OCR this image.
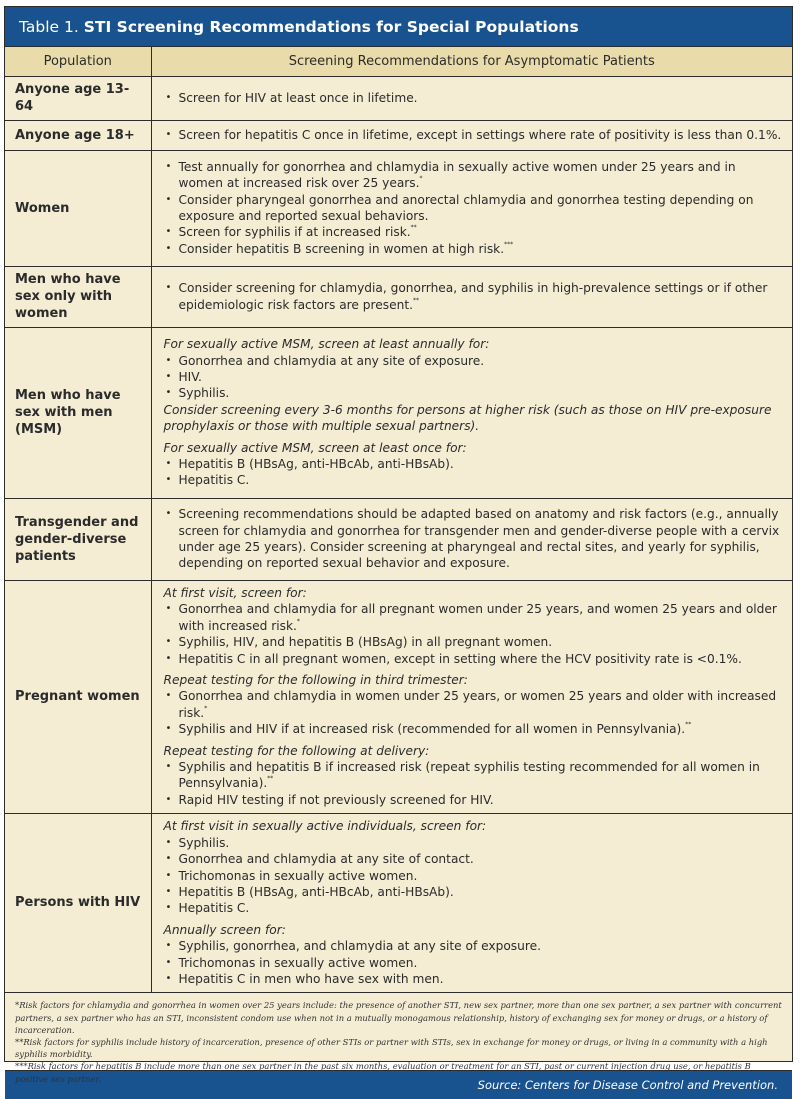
Table 1. STI Screening Recommendations for Special Populations
Population	Screening Recommendations for Asymptomatic Patients
Anyone age 13-64	
• Screen for HIV at least once in lifetime.

Anyone age 18+	
•Screen for hepatitis C once in lifetime, except in settings where rate of positivity is less than 0.1%.

Women	
• Test annually for gonorrhea and chlamydia in sexually active women under 25 years and in women at increased risk over 25 years.*
• Consider pharyngeal gonorrhea and anorectal chlamydia and gonorrhea testing depending on exposure and reported sexual behaviors.
• Screen for syphilis if at increased risk.**
• Consider hepatitis B screening in women at high risk.***

Men who have sex only with women	
• Consider screening for chlamydia, gonorrhea, and syphilis in high-prevalence settings or if other epidemiologic risk factors are present.**

Men who have sex with men (MSM)	
For sexually active MSM, screen at least annually for:
• Gonorrhea and chlamydia at any site of exposure.
• HIV.
• Syphilis.
Consider screening every 3-6 months for persons at higher risk (such as those on HIV pre-exposure prophylaxis or those with multiple sexual partners).
For sexually active MSM, screen at least once for:
• Hepatitis B (HBsAg, anti-HBcAb, anti-HBsAb).
• Hepatitis C.

Transgender and gender-diverse patients	
• Screening recommendations should be adapted based on anatomy and risk factors (e.g., annually screen for chlamydia and gonorrhea for transgender men and gender-diverse people with a cervix under age 25 years). Consider screening at pharyngeal and rectal sites, and yearly for syphilis, depending on reported sexual behavior and exposure.

Pregnant women	
At first visit, screen for:
• Gonorrhea and chlamydia for all pregnant women under 25 years, and women 25 years and older with increased risk.*
• Syphilis, HIV, and hepatitis B (HBsAg) in all pregnant women.
• Hepatitis C in all pregnant women, except in setting where the HCV positivity rate is <0.1%.
Repeat testing for the following in third trimester:
• Gonorrhea and chlamydia in women under 25 years, or women 25 years and older with increased risk.*
• Syphilis and HIV if at increased risk (recommended for all women in Pennsylvania).**
Repeat testing for the following at delivery:
• Syphilis and hepatitis B if increased risk (repeat syphilis testing recommended for all women in Pennsylvania).**
• Rapid HIV testing if not previously screened for HIV.

Persons with HIV	
At first visit in sexually active individuals, screen for:
• Syphilis.
• Gonorrhea and chlamydia at any site of contact.
• Trichomonas in sexually active women.
• Hepatitis B (HBsAg, anti-HBcAb, anti-HBsAb).
• Hepatitis C.
Annually screen for:
• Syphilis, gonorrhea, and chlamydia at any site of exposure.
• Trichomonas in sexually active women.
• Hepatitis C in men who have sex with men.
*Risk factors for chlamydia and gonorrhea in women over 25 years include: the presence of another STI, new sex partner, more than one sex partner, a sex partner with concurrent partners, a sex partner who has an STI, inconsistent condom use when not in a mutually monogamous relationship, history of exchanging sex for money or drugs, or a history of incarceration.
**Risk factors for syphilis include history of incarceration, presence of other STIs or partner with STIs, sex in exchange for money or drugs, or living in a community with a high syphilis morbidity.
***Risk factors for hepatitis B include more than one sex partner in the past six months, evaluation or treatment for an STI, past or current injection drug use, or hepatitis B positive sex partner.	Source: Centers for Disease Control and Prevention.
